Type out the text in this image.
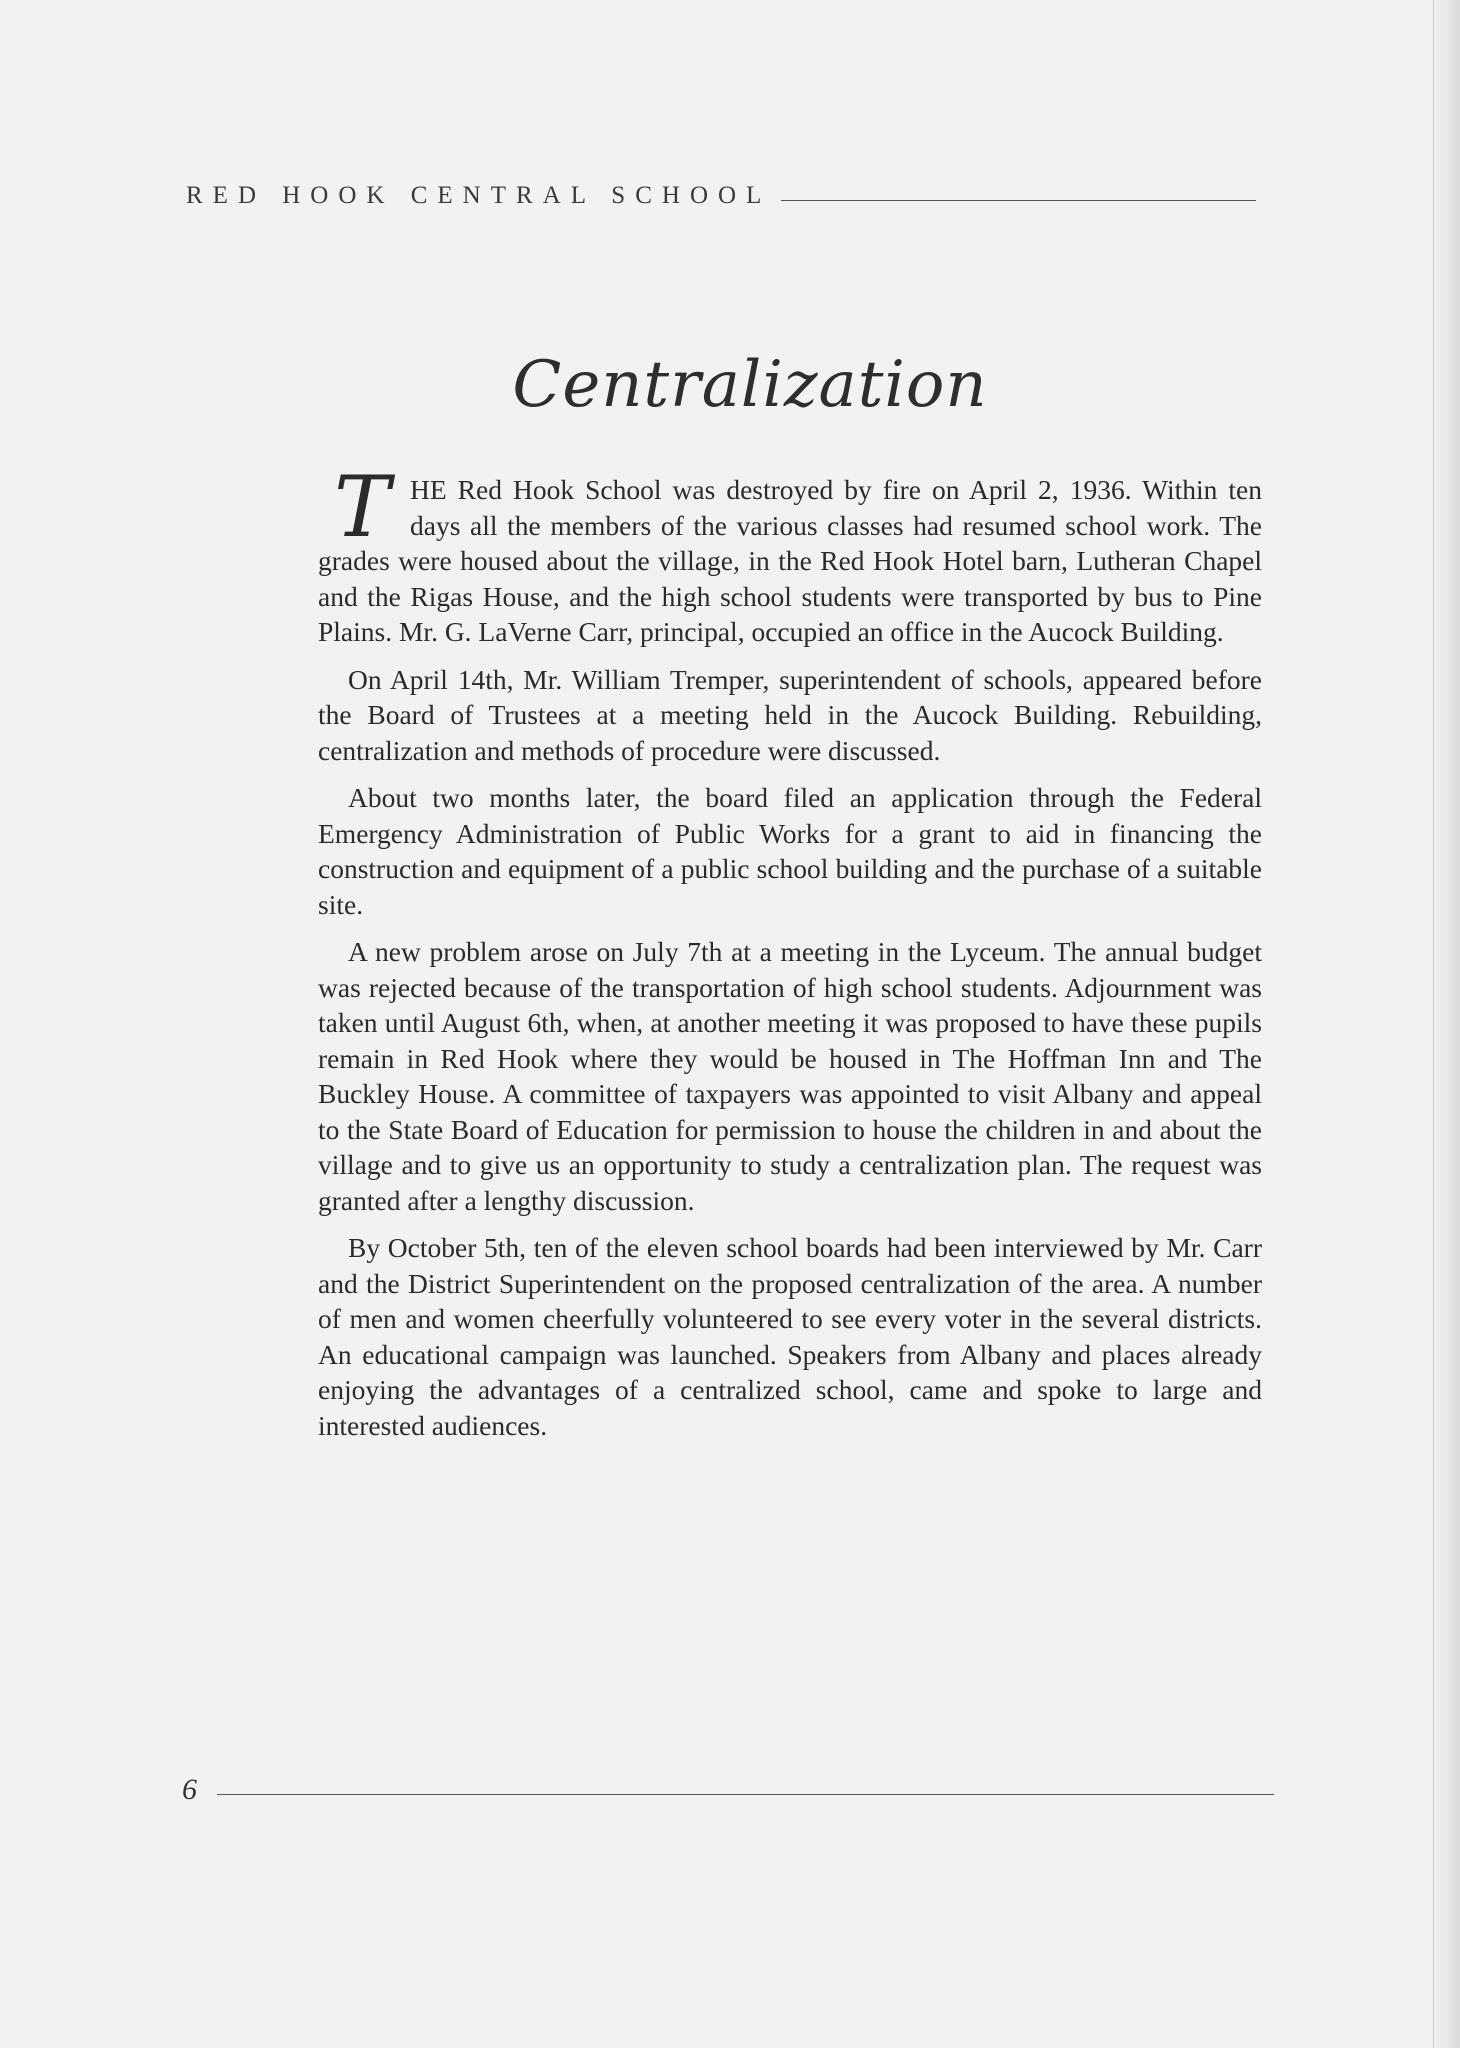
RED HOOK CENTRAL SCHOOL
Centralization

T HE Red Hook School was destroyed by fire on April 2, 1936. Within ten days all the members of the various classes had resumed school work. The grades were housed about the village, in the Red Hook Hotel barn, Lutheran Chapel and the Rigas House, and the high school students were transported by bus to Pine Plains. Mr. G. LaVerne Carr, principal, occupied an office in the Aucock Building.

On April 14th, Mr. William Tremper, superintendent of schools, appeared before the Board of Trustees at a meeting held in the Aucock Building. Rebuilding, centralization and methods of procedure were discussed.

About two months later, the board filed an application through the Federal Emergency Administration of Public Works for a grant to aid in financing the construction and equipment of a public school building and the purchase of a suitable site.

A new problem arose on July 7th at a meeting in the Lyceum. The annual budget was rejected because of the transportation of high school students. Adjournment was taken until August 6th, when, at another meeting it was proposed to have these pupils remain in Red Hook where they would be housed in The Hoffman Inn and The Buckley House. A committee of taxpayers was appointed to visit Albany and appeal to the State Board of Education for permission to house the children in and about the village and to give us an opportunity to study a centralization plan. The request was granted after a lengthy discussion.

By October 5th, ten of the eleven school boards had been interviewed by Mr. Carr and the District Superintendent on the proposed centralization of the area. A number of men and women cheerfully volunteered to see every voter in the several districts. An educational campaign was launched. Speakers from Albany and places already enjoying the advantages of a centralized school, came and spoke to large and interested audiences.

6
